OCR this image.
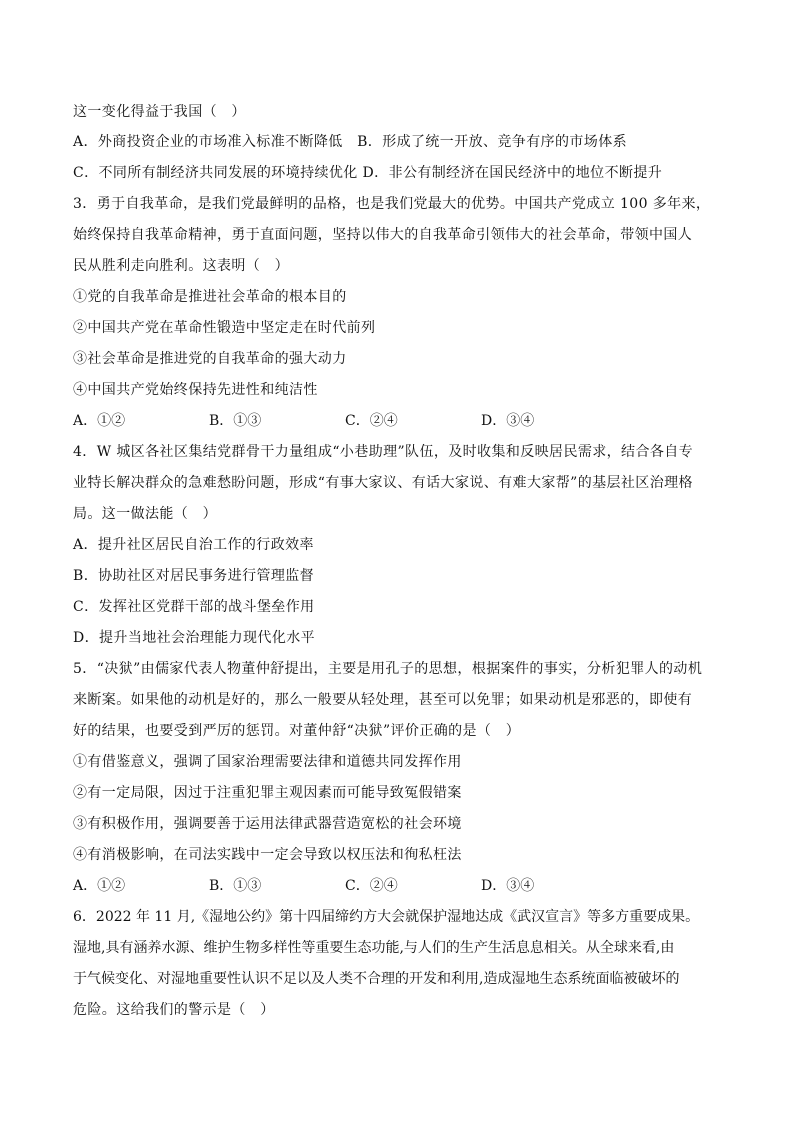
这一变化得益于我国（　）
A．外商投资企业的市场准入标准不断降低　B．形成了统一开放、竞争有序的市场体系
C．不同所有制经济共同发展的环境持续优化 D．非公有制经济在国民经济中的地位不断提升
3．勇于自我革命，是我们党最鲜明的品格，也是我们党最大的优势。中国共产党成立 100 多年来，
始终保持自我革命精神，勇于直面问题，坚持以伟大的自我革命引领伟大的社会革命，带领中国人
民从胜利走向胜利。这表明（　）
①党的自我革命是推进社会革命的根本目的
②中国共产党在革命性锻造中坚定走在时代前列
③社会革命是推进党的自我革命的强大动力
④中国共产党始终保持先进性和纯洁性
A．①②	B．①③	C．②④	D．③④
4．W 城区各社区集结党群骨干力量组成“小巷助理”队伍，及时收集和反映居民需求，结合各自专
业特长解决群众的急难愁盼问题，形成“有事大家议、有话大家说、有难大家帮”的基层社区治理格
局。这一做法能（　）
A．提升社区居民自治工作的行政效率
B．协助社区对居民事务进行管理监督
C．发挥社区党群干部的战斗堡垒作用
D．提升当地社会治理能力现代化水平
5．“决狱”由儒家代表人物董仲舒提出，主要是用孔子的思想，根据案件的事实，分析犯罪人的动机
来断案。如果他的动机是好的，那么一般要从轻处理，甚至可以免罪；如果动机是邪恶的，即使有
好的结果，也要受到严厉的惩罚。对董仲舒“决狱”评价正确的是（　）
①有借鉴意义，强调了国家治理需要法律和道德共同发挥作用
②有一定局限，因过于注重犯罪主观因素而可能导致冤假错案
③有积极作用，强调要善于运用法律武器营造宽松的社会环境
④有消极影响，在司法实践中一定会导致以权压法和徇私枉法
A．①②	B．①③	C．②④	D．③④
6．2022 年 11 月,《湿地公约》第十四届缔约方大会就保护湿地达成《武汉宣言》等多方重要成果。
湿地,具有涵养水源、维护生物多样性等重要生态功能,与人们的生产生活息息相关。从全球来看,由
于气候变化、对湿地重要性认识不足以及人类不合理的开发和利用,造成湿地生态系统面临被破坏的
危险。这给我们的警示是（　）
